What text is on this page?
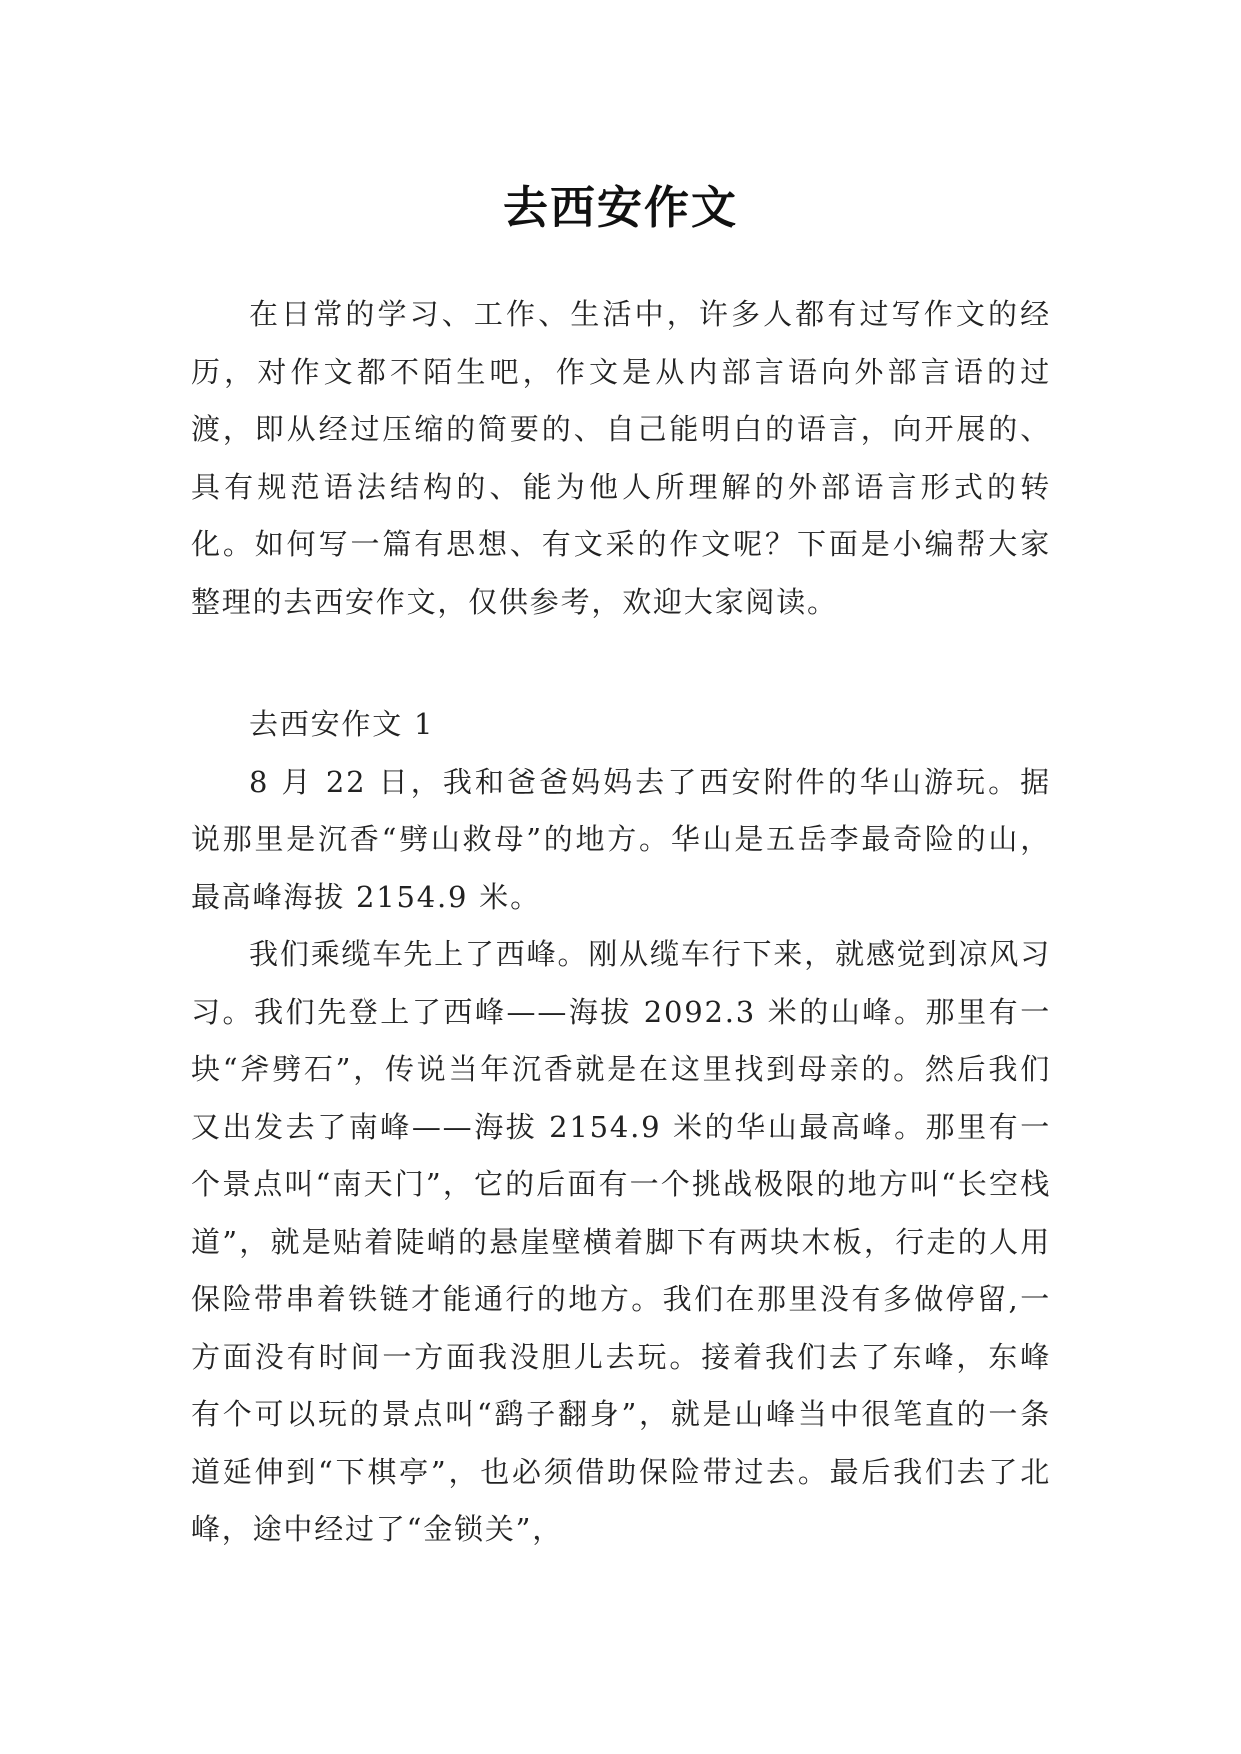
去西安作文

在日常的学习、工作、生活中，许多人都有过写作文的经历，对作文都不陌生吧，作文是从内部言语向外部言语的过渡，即从经过压缩的简要的、自己能明白的语言，向开展的、具有规范语法结构的、能为他人所理解的外部语言形式的转化。如何写一篇有思想、有文采的作文呢？下面是小编帮大家整理的去西安作文，仅供参考，欢迎大家阅读。

去西安作文 1

8 月 22 日，我和爸爸妈妈去了西安附件的华山游玩。据说那里是沉香“劈山救母”的地方。华山是五岳李最奇险的山，最高峰海拔 2154.9 米。

我们乘缆车先上了西峰。刚从缆车行下来，就感觉到凉风习习。我们先登上了西峰——海拔 2092.3 米的山峰。那里有一块“斧劈石”，传说当年沉香就是在这里找到母亲的。然后我们又出发去了南峰——海拔 2154.9 米的华山最高峰。那里有一个景点叫“南天门”，它的后面有一个挑战极限的地方叫“长空栈道”，就是贴着陡峭的悬崖壁横着脚下有两块木板，行走的人用保险带串着铁链才能通行的地方。我们在那里没有多做停留,一方面没有时间一方面我没胆儿去玩。接着我们去了东峰，东峰有个可以玩的景点叫“鹞子翻身”，就是山峰当中很笔直的一条道延伸到“下棋亭”，也必须借助保险带过去。最后我们去了北峰，途中经过了“金锁关”，
